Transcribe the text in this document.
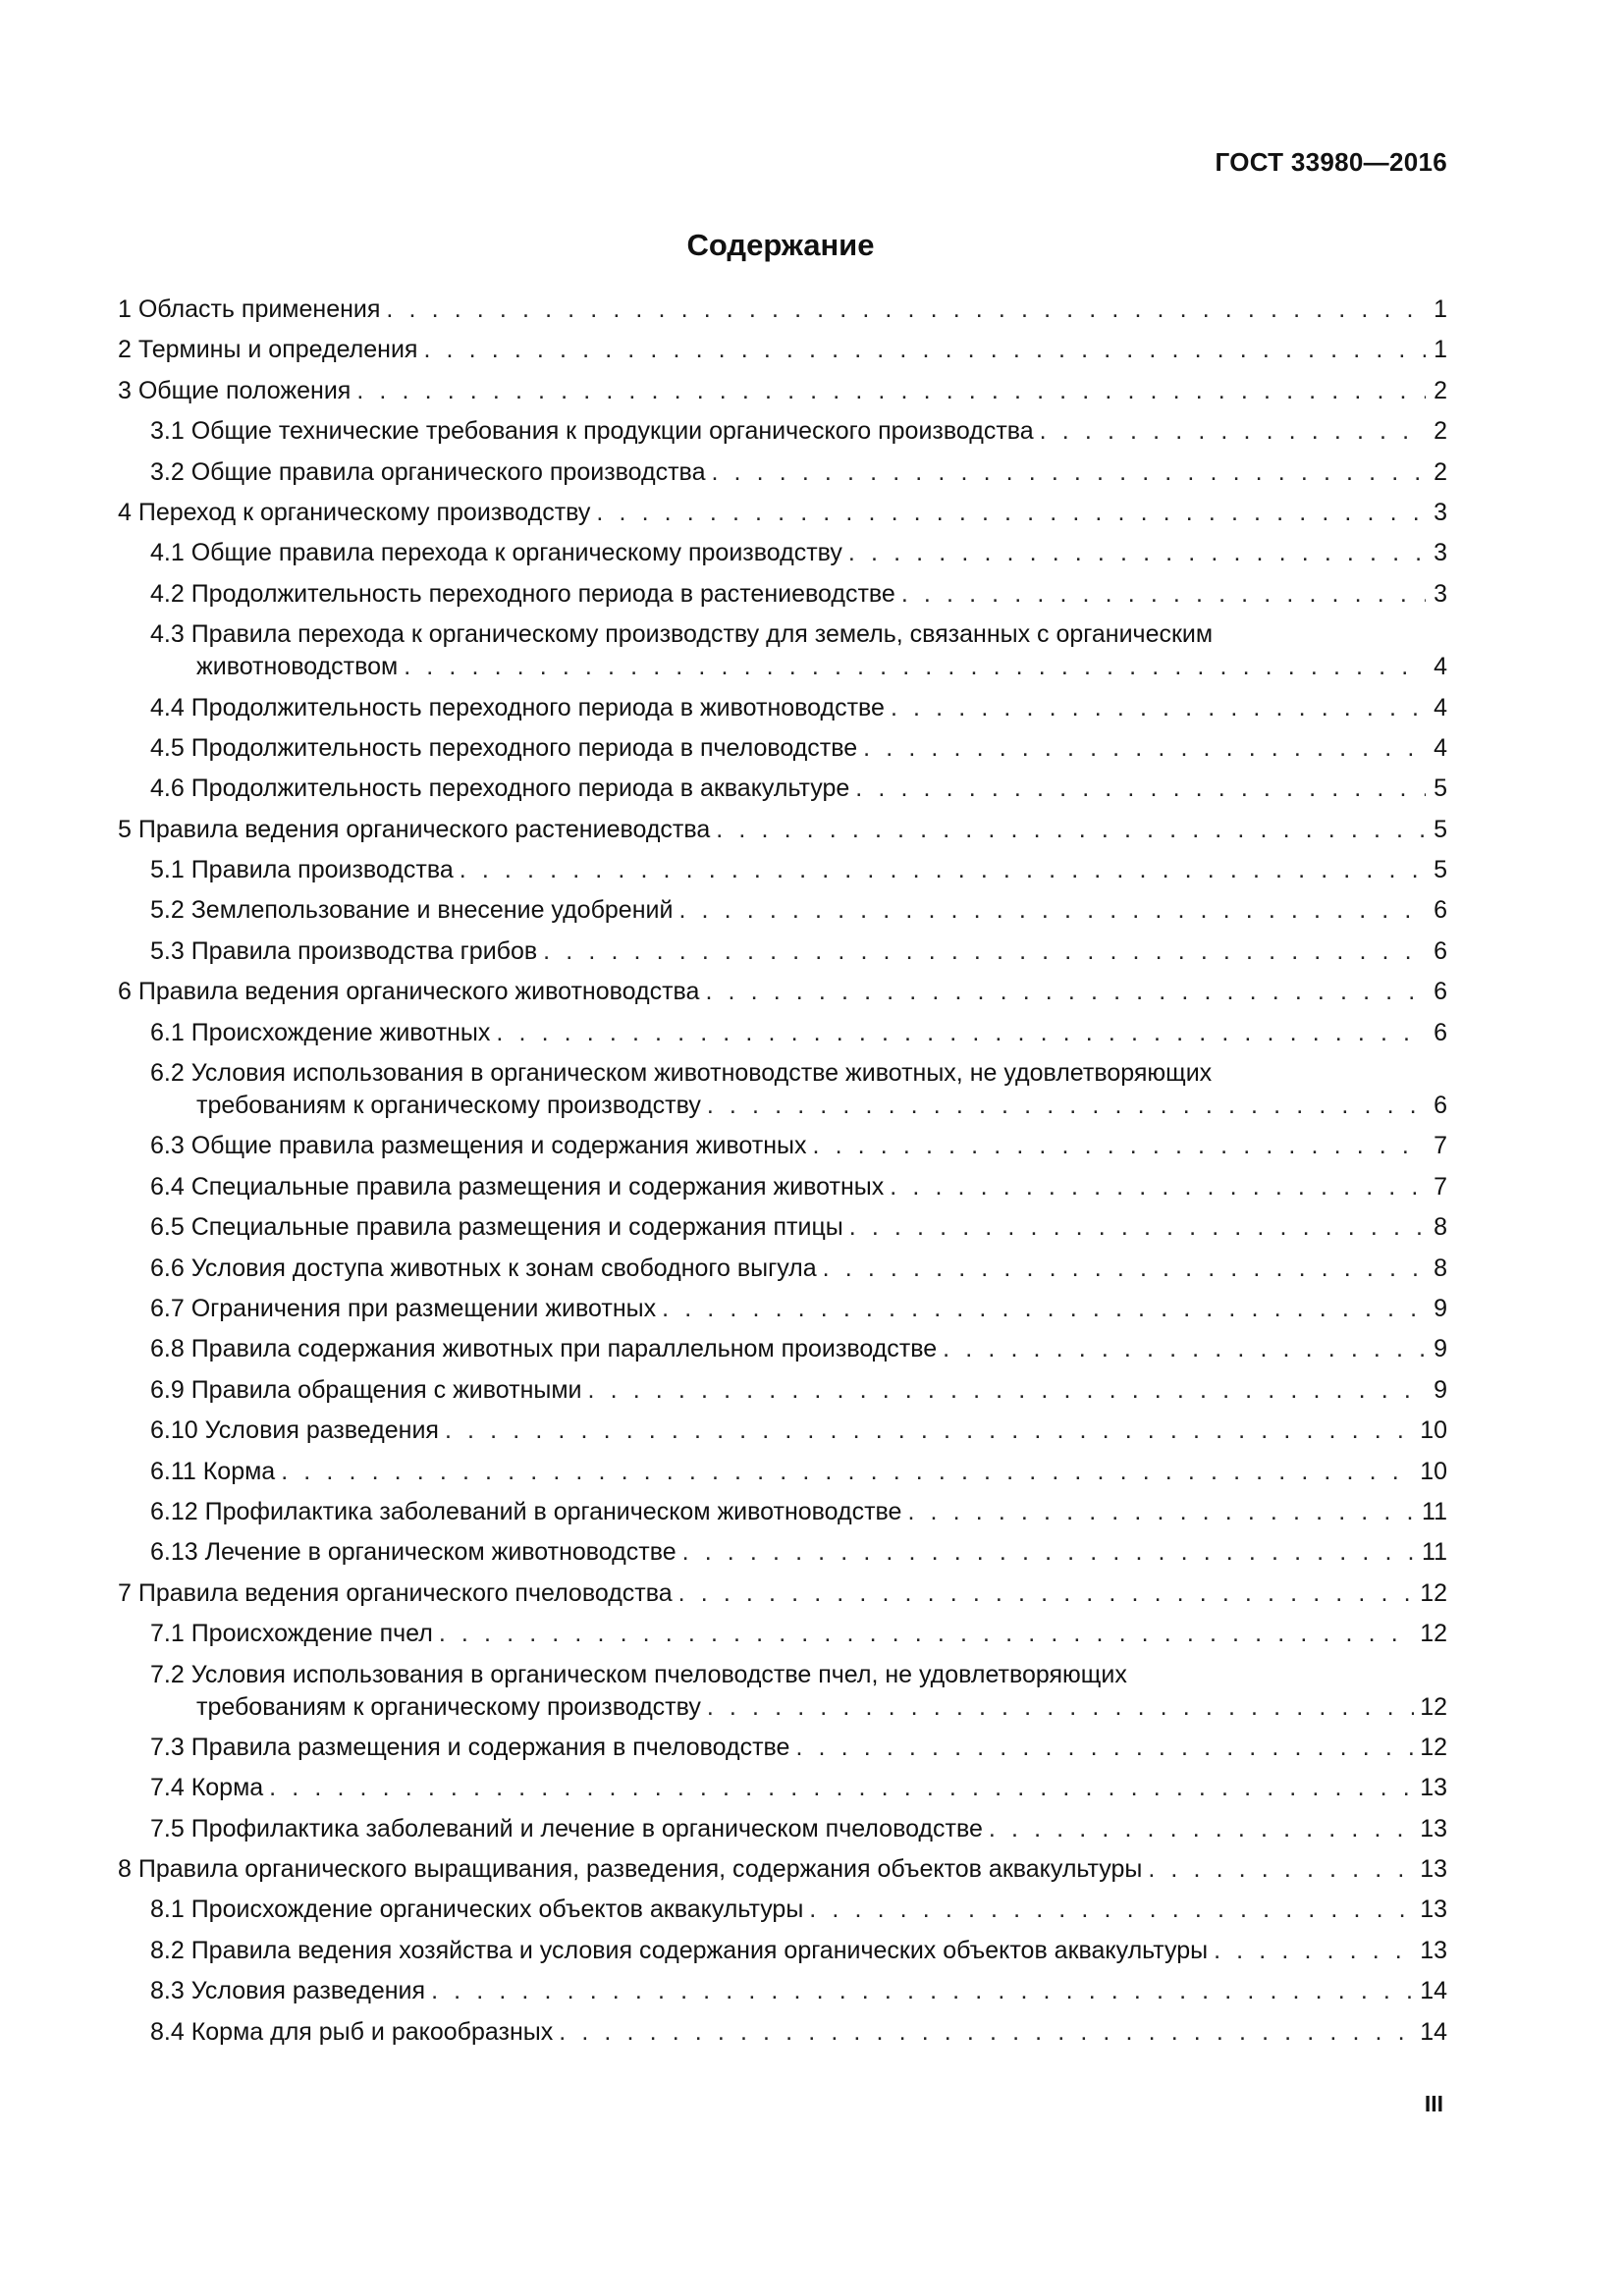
ГОСТ 33980—2016
Содержание
1 Область применения . . .	1
2 Термины и определения . . .	1
3 Общие положения . . .	2
3.1 Общие технические требования к продукции органического производства . . .	2
3.2 Общие правила органического производства . . .	2
4 Переход к органическому производству . . .	3
4.1 Общие правила перехода к органическому производству . . .	3
4.2 Продолжительность переходного периода в растениеводстве . . .	3
4.3 Правила перехода к органическому производству для земель, связанных с органическим
животноводством . . .	4
4.4 Продолжительность переходного периода в животноводстве . . .	4
4.5 Продолжительность переходного периода в пчеловодстве . . .	4
4.6 Продолжительность переходного периода в аквакультуре . . .	5
5 Правила ведения органического растениеводства . . .	5
5.1 Правила производства . . .	5
5.2 Землепользование и внесение удобрений . . .	6
5.3 Правила производства грибов . . .	6
6 Правила ведения органического животноводства . . .	6
6.1 Происхождение животных . . .	6
6.2 Условия использования в органическом животноводстве животных, не удовлетворяющих
требованиям к органическому производству . . .	6
6.3 Общие правила размещения и содержания животных . . .	7
6.4 Специальные правила размещения и содержания животных . . .	7
6.5 Специальные правила размещения и содержания птицы . . .	8
6.6 Условия доступа животных к зонам свободного выгула . . .	8
6.7 Ограничения при размещении животных . . .	9
6.8 Правила содержания животных при параллельном производстве . . .	9
6.9 Правила обращения с животными . . .	9
6.10 Условия разведения . . .	10
6.11 Корма . . .	10
6.12 Профилактика заболеваний в органическом животноводстве . . .	11
6.13 Лечение в органическом животноводстве . . .	11
7 Правила ведения органического пчеловодства . . .	12
7.1 Происхождение пчел . . .	12
7.2 Условия использования в органическом пчеловодстве пчел, не удовлетворяющих
требованиям к органическому производству . . .	12
7.3 Правила размещения и содержания в пчеловодстве . . .	12
7.4 Корма . . .	13
7.5 Профилактика заболеваний и лечение в органическом пчеловодстве . . .	13
8 Правила органического выращивания, разведения, содержания объектов аквакультуры . . .	13
8.1 Происхождение органических объектов аквакультуры . . .	13
8.2 Правила ведения хозяйства и условия содержания органических объектов аквакультуры . . .	13
8.3 Условия разведения . . .	14
8.4 Корма для рыб и ракообразных . . .	14
III
